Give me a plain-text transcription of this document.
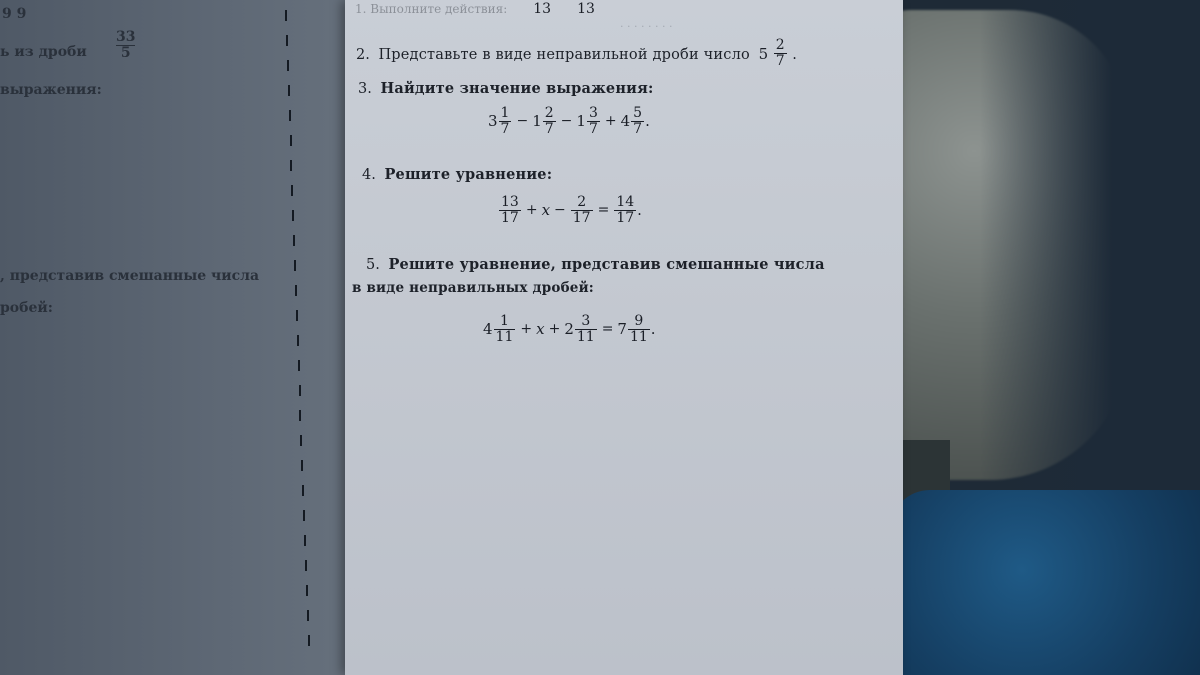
9 9
ь из дроби $\frac{33}{5}$
выражения:
, представив смешанные числа
робей:
· · · · · · · ·
1. Выполните действия: 13 13
2. Представьте в виде неправильной дроби число $5 \frac{2}{7}$ .
3. Найдите значение выражения:
$3 \frac{1}{7} - 1 \frac{2}{7} - 1 \frac{3}{7} + 4 \frac{5}{7}$ .
4. Решите уравнение:
$\frac{13}{17} + x - \frac{2}{17} = \frac{14}{17}$ .
5. Решите уравнение, представив смешанные числа
в виде неправильных дробей:
$4 \frac{1}{11} + x + 2 \frac{3}{11} = 7 \frac{9}{11}$ .
